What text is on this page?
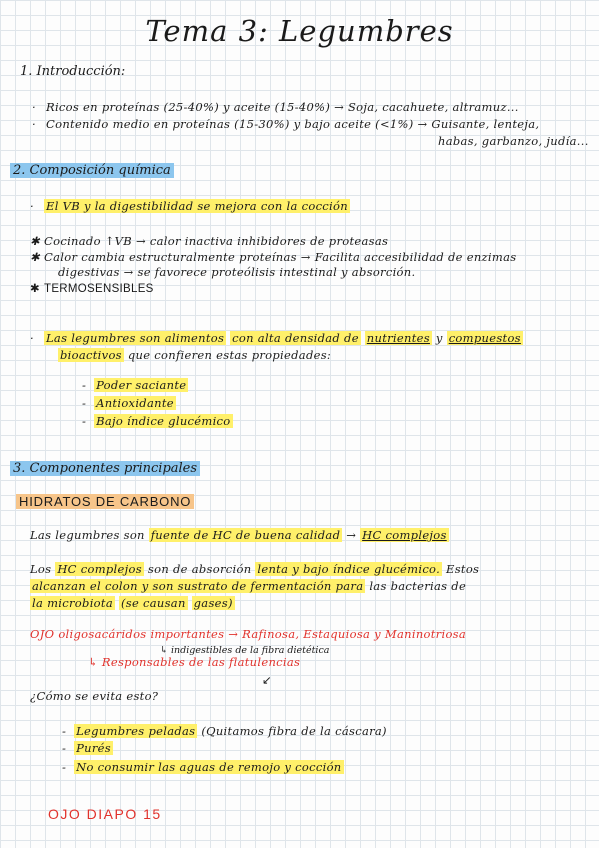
Tema 3: Legumbres
1. Introducción:
· Ricos en proteínas (25-40%) y aceite (15-40%) → Soja, cacahuete, altramuz...
· Contenido medio en proteínas (15-30%) y bajo aceite (<1%) → Guisante, lenteja,
habas, garbanzo, judía...
2. Composición química
· El VB y la digestibilidad se mejora con la cocción
✱ Cocinado ↑VB → calor inactiva inhibidores de proteasas
✱ Calor cambia estructuralmente proteínas → Facilita accesibilidad de enzimas
digestivas → se favorece proteólisis intestinal y absorción.
✱ TERMOSENSIBLES
· Las legumbres son alimentos con alta densidad de nutrientes y compuestos
bioactivos que confieren estas propiedades:
-  Poder saciante
-  Antioxidante
-  Bajo índice glucémico
3. Componentes principales
HIDRATOS DE CARBONO
Las legumbres son fuente de HC de buena calidad → HC complejos
Los HC complejos son de absorción lenta y bajo índice glucémico. Estos
alcanzan el colon y son sustrato de fermentación para las bacterias de
la microbiota (se causan gases)
OJO oligosacáridos importantes → Rafinosa, Estaquiosa y Maninotriosa
↳ indigestibles de la fibra dietética
↳ Responsables de las flatulencias
↙
¿Cómo se evita esto?
-  Legumbres peladas (Quitamos fibra de la cáscara)
-  Purés
-  No consumir las aguas de remojo y cocción
OJO DIAPO 15
